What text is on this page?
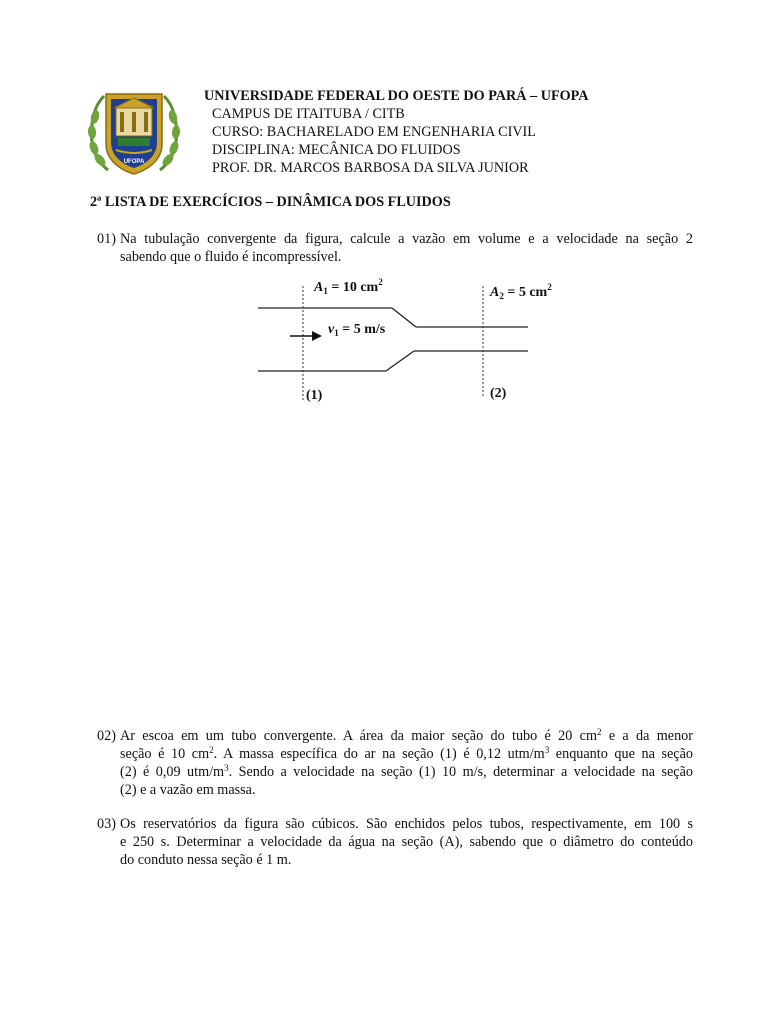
UFOPA
UNIVERSIDADE FEDERAL DO OESTE DO PARÁ – UFOPA
CAMPUS DE ITAITUBA / CITB
CURSO: BACHARELADO EM ENGENHARIA CIVIL
DISCIPLINA: MECÂNICA DO FLUIDOS
PROF. DR. MARCOS BARBOSA DA SILVA JUNIOR
2ª LISTA DE EXERCÍCIOS – DINÂMICA DOS FLUIDOS
01) Na tubulação convergente da figura, calcule a vazão em volume e a velocidade na seção 2
sabendo que o fluido é incompressível.
$A_1 = 10$ $cm^2$
$A_2 = 5$ $cm^2$
$v_1 = 5$ m/s
(1)	(2)
02) Ar escoa em um tubo convergente. A área da maior seção do tubo é 20 $cm^2$ e a da menor
seção é 10 $cm^2$. A massa específica do ar na seção (1) é 0,12 utm/$m^3$ enquanto que na seção
(2) é 0,09 utm/$m^3$. Sendo a velocidade na seção (1) 10 m/s, determinar a velocidade na seção
(2) e a vazão em massa.
03) Os reservatórios da figura são cúbicos. São enchidos pelos tubos, respectivamente, em 100 s
e 250 s. Determinar a velocidade da água na seção (A), sabendo que o diâmetro do conteúdo
do conduto nessa seção é 1 m.
